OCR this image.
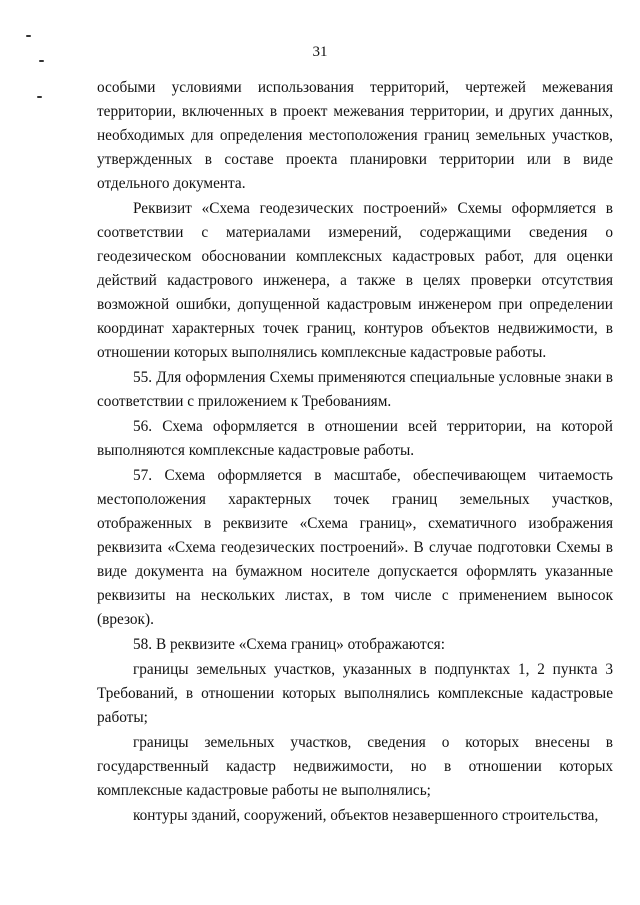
31

особыми условиями использования территорий, чертежей межевания территории, включенных в проект межевания территории, и других данных, необходимых для определения местоположения границ земельных участков, утвержденных в составе проекта планировки территории или в виде отдельного документа.

Реквизит «Схема геодезических построений» Схемы оформляется в соответствии с материалами измерений, содержащими сведения о геодезическом обосновании комплексных кадастровых работ, для оценки действий кадастрового инженера, а также в целях проверки отсутствия возможной ошибки, допущенной кадастровым инженером при определении координат характерных точек границ, контуров объектов недвижимости, в отношении которых выполнялись комплексные кадастровые работы.

55. Для оформления Схемы применяются специальные условные знаки в соответствии с приложением к Требованиям.

56. Схема оформляется в отношении всей территории, на которой выполняются комплексные кадастровые работы.

57. Схема оформляется в масштабе, обеспечивающем читаемость местоположения характерных точек границ земельных участков, отображенных в реквизите «Схема границ», схематичного изображения реквизита «Схема геодезических построений». В случае подготовки Схемы в виде документа на бумажном носителе допускается оформлять указанные реквизиты на нескольких листах, в том числе с применением выносок (врезок).

58. В реквизите «Схема границ» отображаются:

границы земельных участков, указанных в подпунктах 1, 2 пункта 3 Требований, в отношении которых выполнялись комплексные кадастровые работы;

границы земельных участков, сведения о которых внесены в государственный кадастр недвижимости, но в отношении которых комплексные кадастровые работы не выполнялись;

контуры зданий, сооружений, объектов незавершенного строительства,
